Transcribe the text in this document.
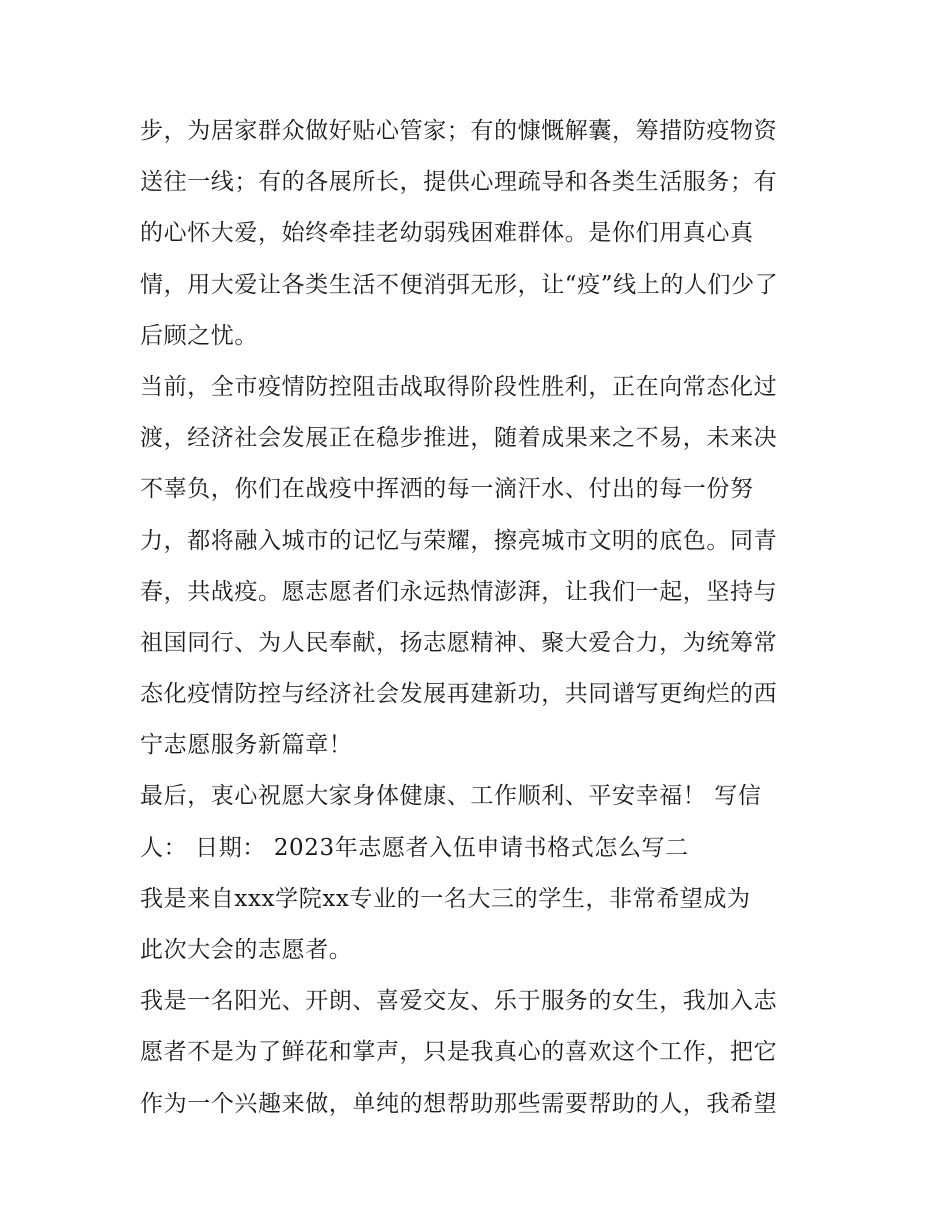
步，为居家群众做好贴心管家；有的慷慨解囊，筹措防疫物资
送往一线；有的各展所长，提供心理疏导和各类生活服务；有
的心怀大爱，始终牵挂老幼弱残困难群体。是你们用真心真
情，用大爱让各类生活不便消弭无形，让“疫”线上的人们少了
后顾之忧。
当前，全市疫情防控阻击战取得阶段性胜利，正在向常态化过
渡，经济社会发展正在稳步推进，随着成果来之不易，未来决
不辜负，你们在战疫中挥洒的每一滴汗水、付出的每一份努
力，都将融入城市的记忆与荣耀，擦亮城市文明的底色。同青
春，共战疫。愿志愿者们永远热情澎湃，让我们一起，坚持与
祖国同行、为人民奉献，扬志愿精神、聚大爱合力，为统筹常
态化疫情防控与经济社会发展再建新功，共同谱写更绚烂的西
宁志愿服务新篇章！
最后，衷心祝愿大家身体健康、工作顺利、平安幸福！ 写信
人： 日期： 2023年志愿者入伍申请书格式怎么写二
我是来自xxx学院xx专业的一名大三的学生，非常希望成为
此次大会的志愿者。
我是一名阳光、开朗、喜爱交友、乐于服务的女生，我加入志
愿者不是为了鲜花和掌声，只是我真心的喜欢这个工作，把它
作为一个兴趣来做，单纯的想帮助那些需要帮助的人，我希望
